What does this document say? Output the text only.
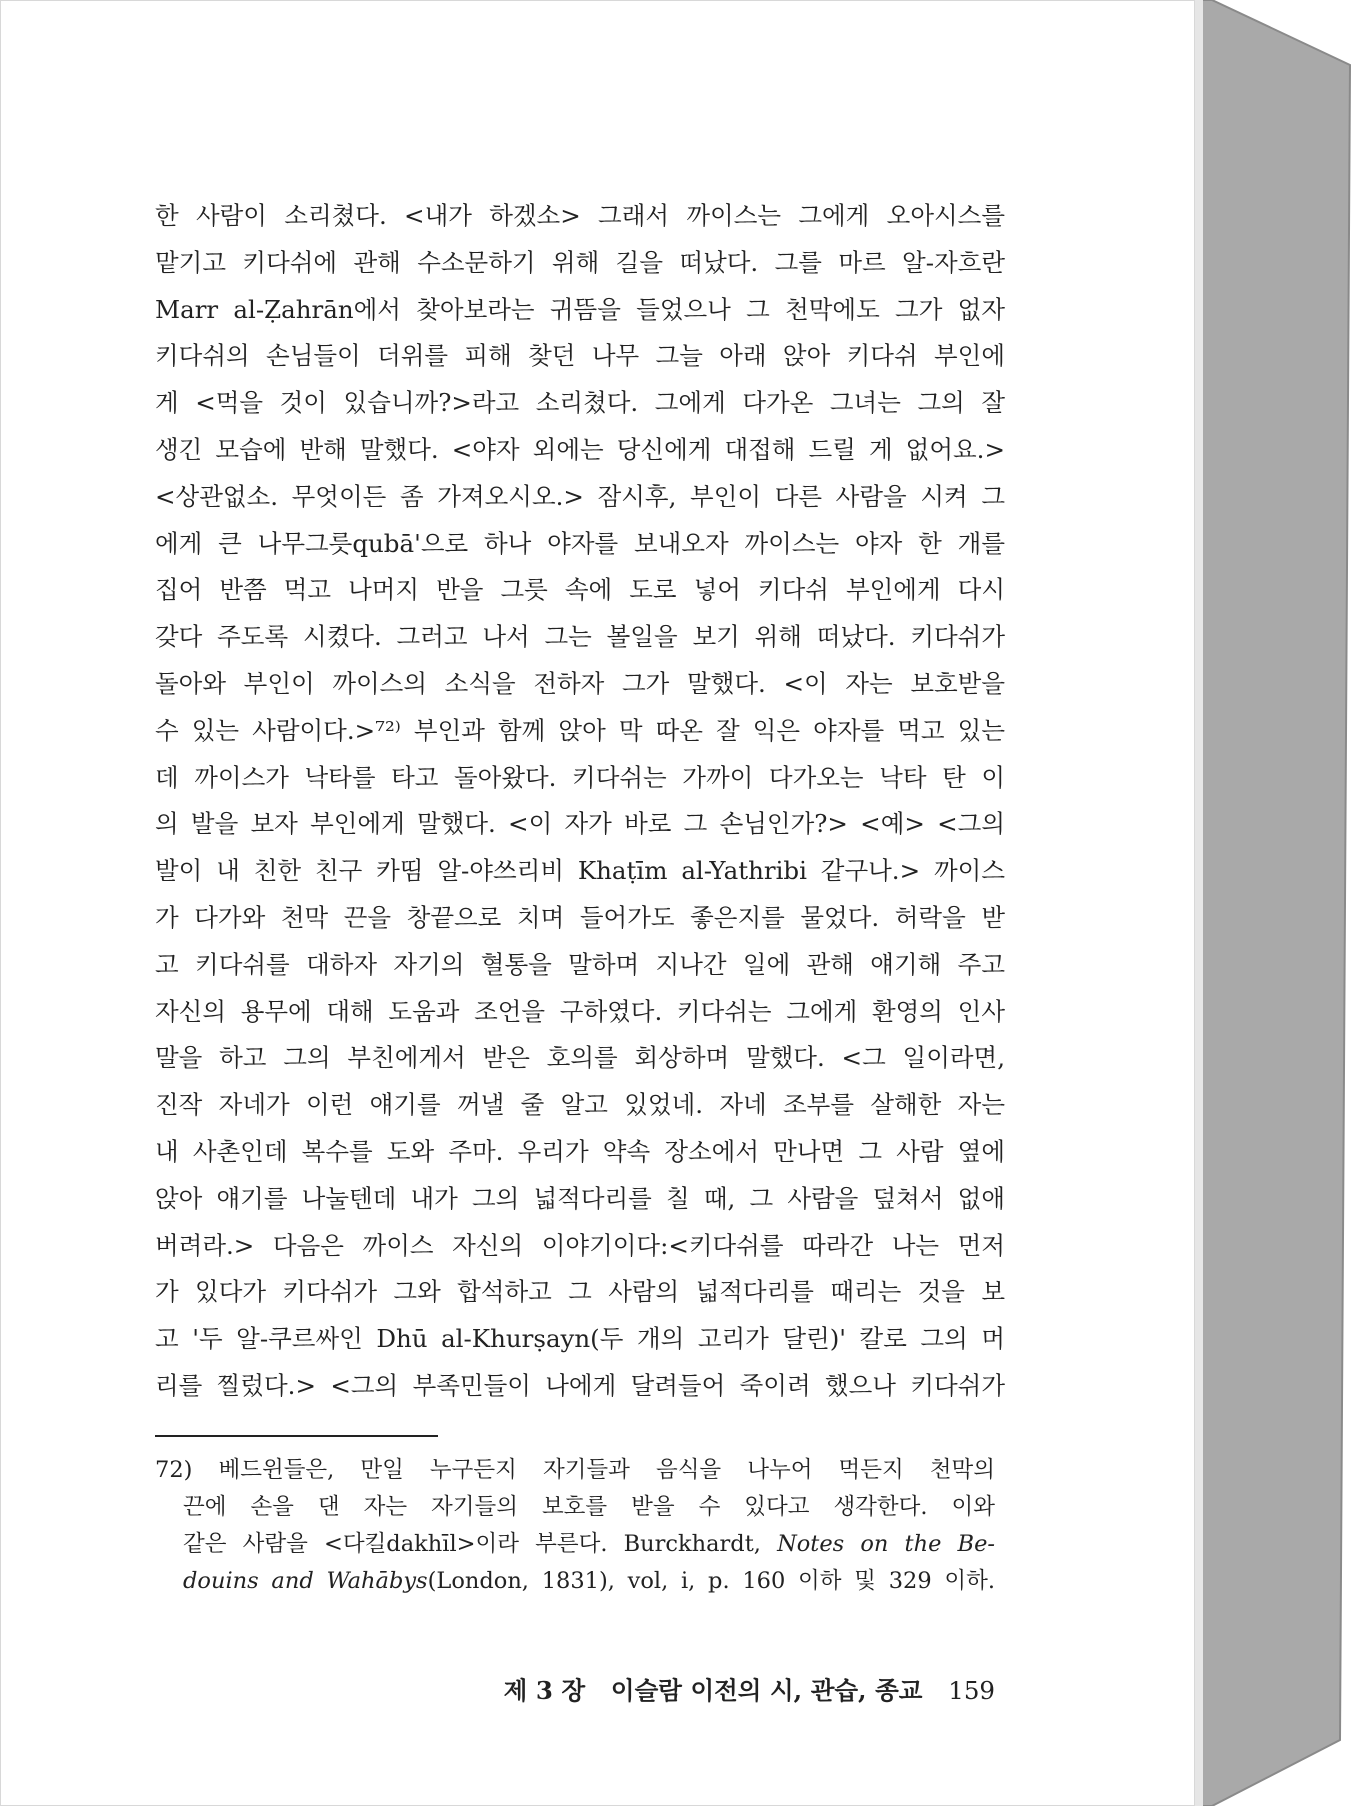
한 사람이 소리쳤다. <내가 하겠소> 그래서 까이스는 그에게 오아시스를
맡기고 키다쉬에 관해 수소문하기 위해 길을 떠났다. 그를 마르 알-자흐란
Marr al-Ẓahrān에서 찾아보라는 귀뜸을 들었으나 그 천막에도 그가 없자
키다쉬의 손님들이 더위를 피해 찾던 나무 그늘 아래 앉아 키다쉬 부인에
게 <먹을 것이 있습니까?>라고 소리쳤다. 그에게 다가온 그녀는 그의 잘
생긴 모습에 반해 말했다. <야자 외에는 당신에게 대접해 드릴 게 없어요.>
<상관없소. 무엇이든 좀 가져오시오.> 잠시후, 부인이 다른 사람을 시켜 그
에게 큰 나무그릇qubā'으로 하나 야자를 보내오자 까이스는 야자 한 개를
집어 반쯤 먹고 나머지 반을 그릇 속에 도로 넣어 키다쉬 부인에게 다시
갖다 주도록 시켰다. 그러고 나서 그는 볼일을 보기 위해 떠났다. 키다쉬가
돌아와 부인이 까이스의 소식을 전하자 그가 말했다. <이 자는 보호받을
수 있는 사람이다.>⁷²⁾ 부인과 함께 앉아 막 따온 잘 익은 야자를 먹고 있는
데 까이스가 낙타를 타고 돌아왔다. 키다쉬는 가까이 다가오는 낙타 탄 이
의 발을 보자 부인에게 말했다. <이 자가 바로 그 손님인가?> <예> <그의
발이 내 친한 친구 카띰 알-야쓰리비 Khaṭīm al-Yathribi 같구나.> 까이스
가 다가와 천막 끈을 창끝으로 치며 들어가도 좋은지를 물었다. 허락을 받
고 키다쉬를 대하자 자기의 혈통을 말하며 지나간 일에 관해 얘기해 주고
자신의 용무에 대해 도움과 조언을 구하였다. 키다쉬는 그에게 환영의 인사
말을 하고 그의 부친에게서 받은 호의를 회상하며 말했다. <그 일이라면,
진작 자네가 이런 얘기를 꺼낼 줄 알고 있었네. 자네 조부를 살해한 자는
내 사촌인데 복수를 도와 주마. 우리가 약속 장소에서 만나면 그 사람 옆에
앉아 얘기를 나눌텐데 내가 그의 넓적다리를 칠 때, 그 사람을 덮쳐서 없애
버려라.> 다음은 까이스 자신의 이야기이다:<키다쉬를 따라간 나는 먼저
가 있다가 키다쉬가 그와 합석하고 그 사람의 넓적다리를 때리는 것을 보
고 '두 알-쿠르싸인 Dhū al-Khurṣayn(두 개의 고리가 달린)' 칼로 그의 머
리를 찔렀다.> <그의 부족민들이 나에게 달려들어 죽이려 했으나 키다쉬가
72) 베드윈들은, 만일 누구든지 자기들과 음식을 나누어 먹든지 천막의
끈에 손을 댄 자는 자기들의 보호를 받을 수 있다고 생각한다. 이와
같은 사람을 <다킬dakhīl>이라 부른다. Burckhardt, Notes on the Be-
douins and Wahābys(London, 1831), vol, i, p. 160 이하 및 329 이하.
제 3 장 이슬람 이전의 시, 관습, 종교 159
